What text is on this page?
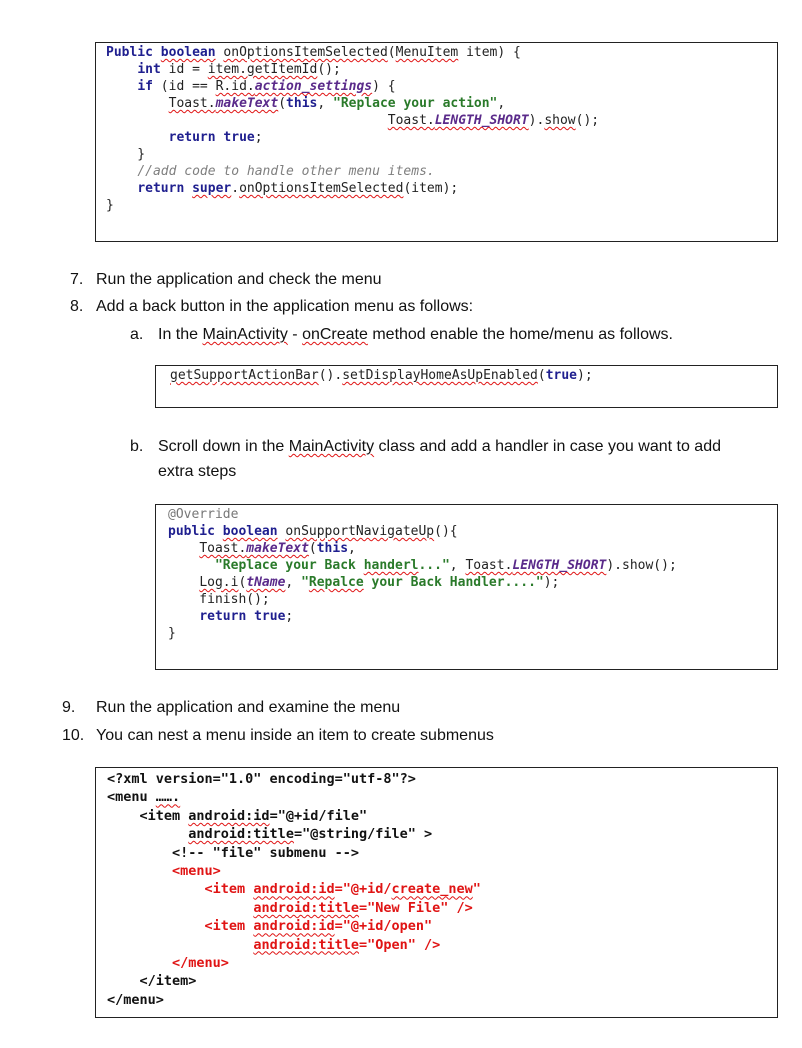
Public boolean onOptionsItemSelected(MenuItem item) {
int id = item.getItemId();
if (id == R.id.action_settings) {
Toast.makeText(this, "Replace your action",
Toast.LENGTH_SHORT).show();
return true;
}
//add code to handle other menu items.
return super.onOptionsItemSelected(item);
}
7. Run the application and check the menu
8. Add a back button in the application menu as follows:
a. In the MainActivity - onCreate method enable the home/menu as follows.
getSupportActionBar().setDisplayHomeAsUpEnabled(true);
b. Scroll down in the MainActivity class and add a handler in case you want to add
extra steps
@Override
public boolean onSupportNavigateUp(){
Toast.makeText(this,
"Replace your Back handerl...", Toast.LENGTH_SHORT).show();
Log.i(tName, "Repalce your Back Handler....");
finish();
return true;
}
9. Run the application and examine the menu
10. You can nest a menu inside an item to create submenus
<?xml version="1.0" encoding="utf-8"?>
<menu …….
<item android:id="@+id/file"
android:title="@string/file" >
<!-- "file" submenu -->
<menu>
<item android:id="@+id/create_new"
android:title="New File" />
<item android:id="@+id/open"
android:title="Open" />
</menu>
</item>
</menu>
